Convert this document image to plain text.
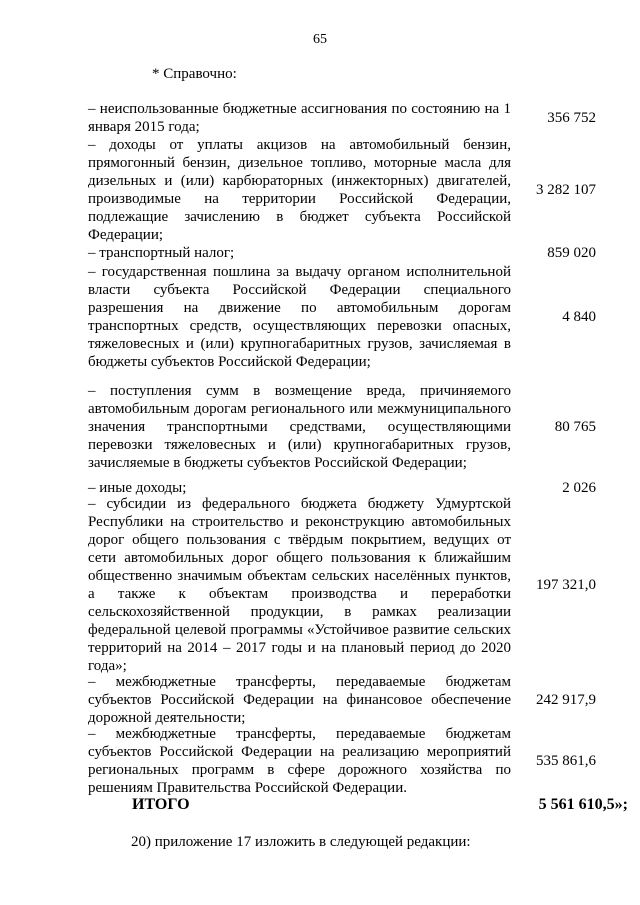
65
* Справочно:
– неиспользованные бюджетные ассигнования по состоянию на 1 января 2015 года;
356 752
– доходы от уплаты акцизов на автомобильный бензин, прямогонный бензин, дизельное топливо, моторные масла для дизельных и (или) карбюраторных (инжекторных) двигателей, производимые на территории Российской Федерации, подлежащие зачислению в бюджет субъекта Российской Федерации;
3 282 107
– транспортный налог;	859 020
– государственная пошлина за выдачу органом исполнительной власти субъекта Российской Федерации специального разрешения на движение по автомобильным дорогам транспортных средств, осуществляющих перевозки опасных, тяжеловесных и (или) крупногабаритных грузов, зачисляемая в бюджеты субъектов Российской Федерации;
4 840
– поступления сумм в возмещение вреда, причиняемого автомобильным дорогам регионального или межмуниципального значения транспортными средствами, осуществляющими перевозки тяжеловесных и (или) крупногабаритных грузов, зачисляемые в бюджеты субъектов Российской Федерации;
80 765
– иные доходы;	2 026
– субсидии из федерального бюджета бюджету Удмуртской Республики на строительство и реконструкцию автомобильных дорог общего пользования с твёрдым покрытием, ведущих от сети автомобильных дорог общего пользования к ближайшим общественно значимым объектам сельских населённых пунктов, а также к объектам производства и переработки сельскохозяйственной продукции, в рамках реализации федеральной целевой программы «Устойчивое развитие сельских территорий на 2014 – 2017 годы и на плановый период до 2020 года»;
197 321,0
– межбюджетные трансферты, передаваемые бюджетам субъектов Российской Федерации на финансовое обеспечение дорожной деятельности;
242 917,9
– межбюджетные трансферты, передаваемые бюджетам субъектов Российской Федерации на реализацию мероприятий региональных программ в сфере дорожного хозяйства по решениям Правительства Российской Федерации.
535 861,6
ИТОГО	5 561 610,5»;
20) приложение 17 изложить в следующей редакции:
